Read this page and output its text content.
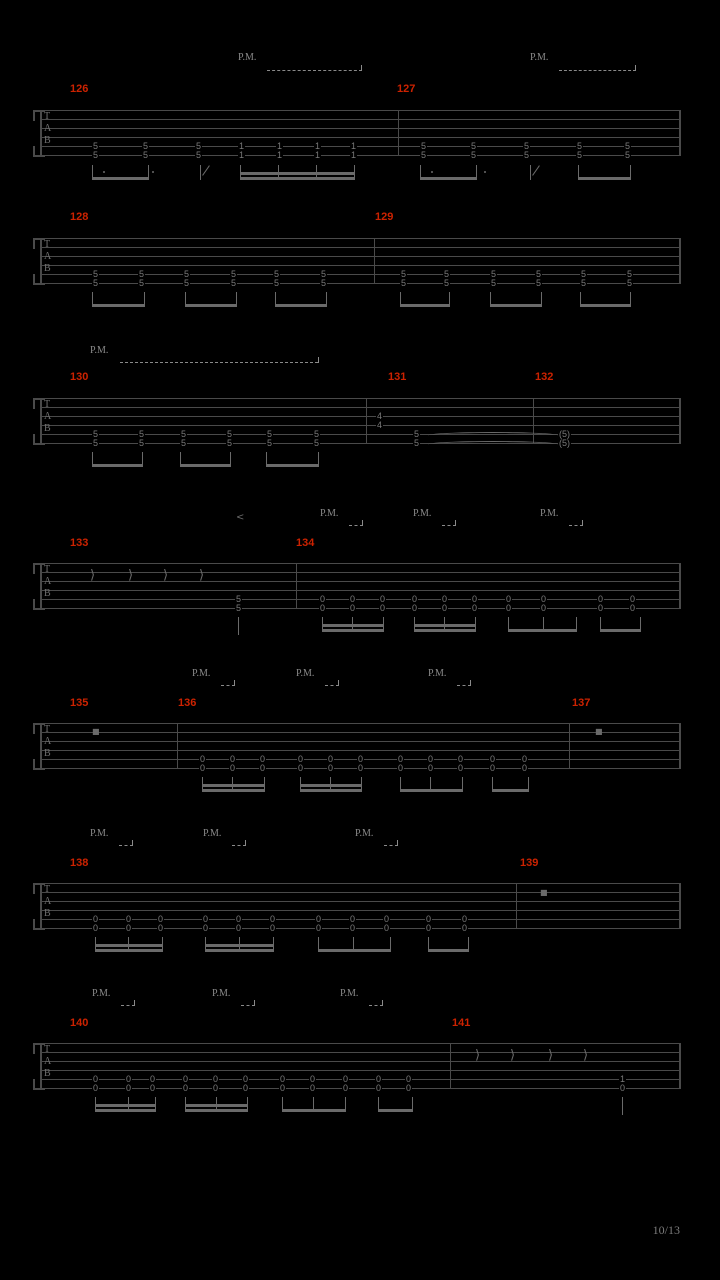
126	127
P.M.	P.M.
T
A
B	5
5
5
5
5
5
1
1
1
1
1
1
1
1
5
5
5
5
5
5
5
5
5
5
128	129
T
A
B	5
5
5
5
5
5
5
5
5
5
5
5
5
5
5
5
5
5
5
5
5
5
5
5
130	131	132
P.M.
T
A
B	5
5
5
5
5
5
5
5
5
5
5
5
4
4
5
5
(5)
(5)
133	134
<	P.M.	P.M.	P.M.
T
A
B
⟩	⟩ ⟩ ⟩
5
5
0
0
0
0
0
0
0
0
0
0
0
0
0
0
0
0
0
0
0
0
135	136	137
P.M.	P.M.	P.M.
T
A
B
■	■
0
0
0
0
0
0
0
0
0
0
0
0
0
0
0
0
0
0
0
0
0
0
138	139
P.M.	P.M.	P.M.
T
A
B
■
0
0
0
0
0
0
0
0
0
0
0
0
0
0
0
0
0
0
0
0
0
0
140	141
P.M.	P.M.	P.M.
T
A
B
⟩ ⟩	⟩ ⟩
0
0
0
0
0
0
0
0
0
0
0
0
0
0
0
0
0
0
0
0
0
0
1
0
10/13
